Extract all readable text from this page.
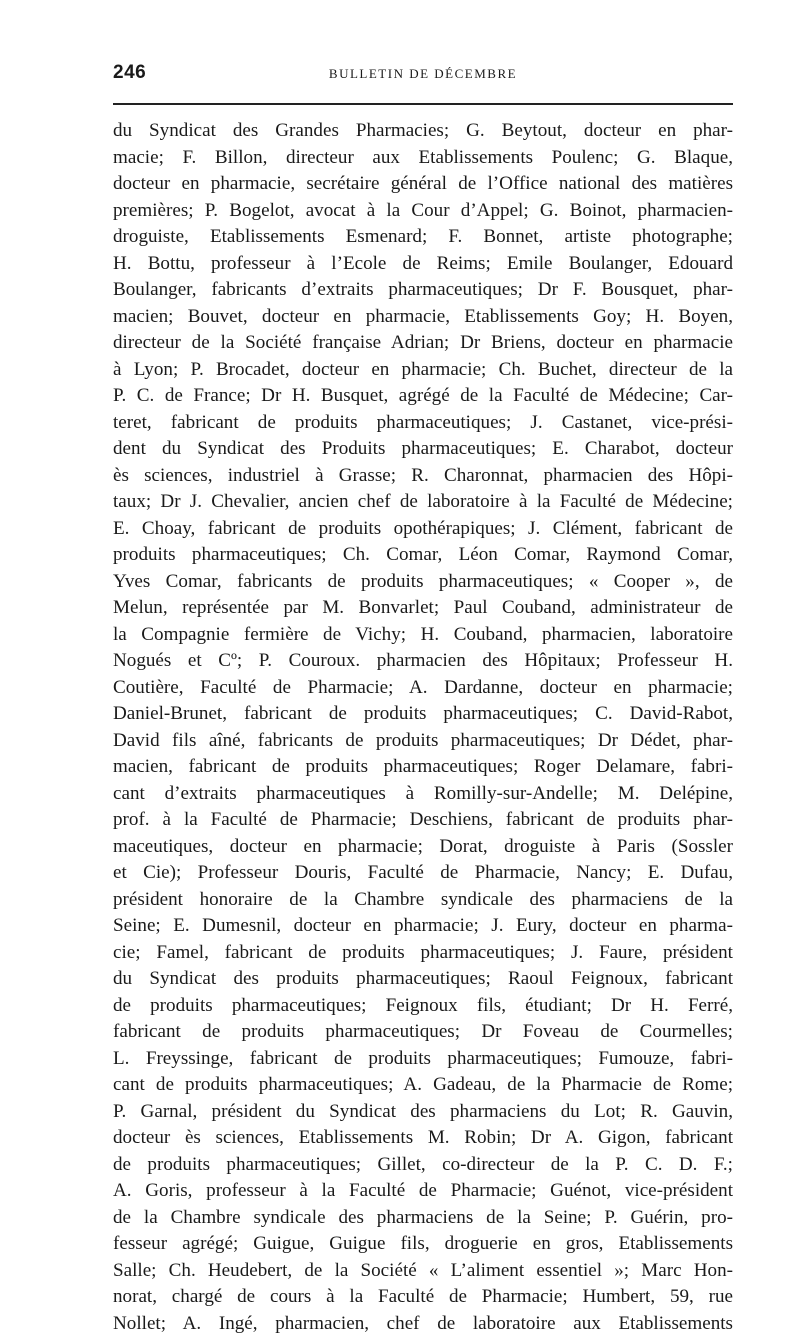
246	BULLETIN DE DÉCEMBRE
du Syndicat des Grandes Pharmacies; G. Beytout, docteur en phar-
macie; F. Billon, directeur aux Etablissements Poulenc; G. Blaque,
docteur en pharmacie, secrétaire général de l’Office national des matières
premières; P. Bogelot, avocat à la Cour d’Appel; G. Boinot, pharmacien-
droguiste, Etablissements Esmenard; F. Bonnet, artiste photographe;
H. Bottu, professeur à l’Ecole de Reims; Emile Boulanger, Edouard
Boulanger, fabricants d’extraits pharmaceutiques; Dr F. Bousquet, phar-
macien; Bouvet, docteur en pharmacie, Etablissements Goy; H. Boyen,
directeur de la Société française Adrian; Dr Briens, docteur en pharmacie
à Lyon; P. Brocadet, docteur en pharmacie; Ch. Buchet, directeur de la
P. C. de France; Dr H. Busquet, agrégé de la Faculté de Médecine; Car-
teret, fabricant de produits pharmaceutiques; J. Castanet, vice-prési-
dent du Syndicat des Produits pharmaceutiques; E. Charabot, docteur
ès sciences, industriel à Grasse; R. Charonnat, pharmacien des Hôpi-
taux; Dr J. Chevalier, ancien chef de laboratoire à la Faculté de Médecine;
E. Choay, fabricant de produits opothérapiques; J. Clément, fabricant de
produits pharmaceutiques; Ch. Comar, Léon Comar, Raymond Comar,
Yves Comar, fabricants de produits pharmaceutiques; « Cooper », de
Melun, représentée par M. Bonvarlet; Paul Couband, administrateur de
la Compagnie fermière de Vichy; H. Couband, pharmacien, laboratoire
Nogués et Cº; P. Couroux. pharmacien des Hôpitaux; Professeur H.
Coutière, Faculté de Pharmacie; A. Dardanne, docteur en pharmacie;
Daniel-Brunet, fabricant de produits pharmaceutiques; C. David-Rabot,
David fils aîné, fabricants de produits pharmaceutiques; Dr Dédet, phar-
macien, fabricant de produits pharmaceutiques; Roger Delamare, fabri-
cant d’extraits pharmaceutiques à Romilly-sur-Andelle; M. Delépine,
prof. à la Faculté de Pharmacie; Deschiens, fabricant de produits phar-
maceutiques, docteur en pharmacie; Dorat, droguiste à Paris (Sossler
et Cie); Professeur Douris, Faculté de Pharmacie, Nancy; E. Dufau,
président honoraire de la Chambre syndicale des pharmaciens de la
Seine; E. Dumesnil, docteur en pharmacie; J. Eury, docteur en pharma-
cie; Famel, fabricant de produits pharmaceutiques; J. Faure, président
du Syndicat des produits pharmaceutiques; Raoul Feignoux, fabricant
de produits pharmaceutiques; Feignoux fils, étudiant; Dr H. Ferré,
fabricant de produits pharmaceutiques; Dr Foveau de Courmelles;
L. Freyssinge, fabricant de produits pharmaceutiques; Fumouze, fabri-
cant de produits pharmaceutiques; A. Gadeau, de la Pharmacie de Rome;
P. Garnal, président du Syndicat des pharmaciens du Lot; R. Gauvin,
docteur ès sciences, Etablissements M. Robin; Dr A. Gigon, fabricant
de produits pharmaceutiques; Gillet, co-directeur de la P. C. D. F.;
A. Goris, professeur à la Faculté de Pharmacie; Guénot, vice-président
de la Chambre syndicale des pharmaciens de la Seine; P. Guérin, pro-
fesseur agrégé; Guigue, Guigue fils, droguerie en gros, Etablissements
Salle; Ch. Heudebert, de la Société « L’aliment essentiel »; Marc Hon-
norat, chargé de cours à la Faculté de Pharmacie; Humbert, 59, rue
Nollet; A. Ingé, pharmacien, chef de laboratoire aux Etablissements
